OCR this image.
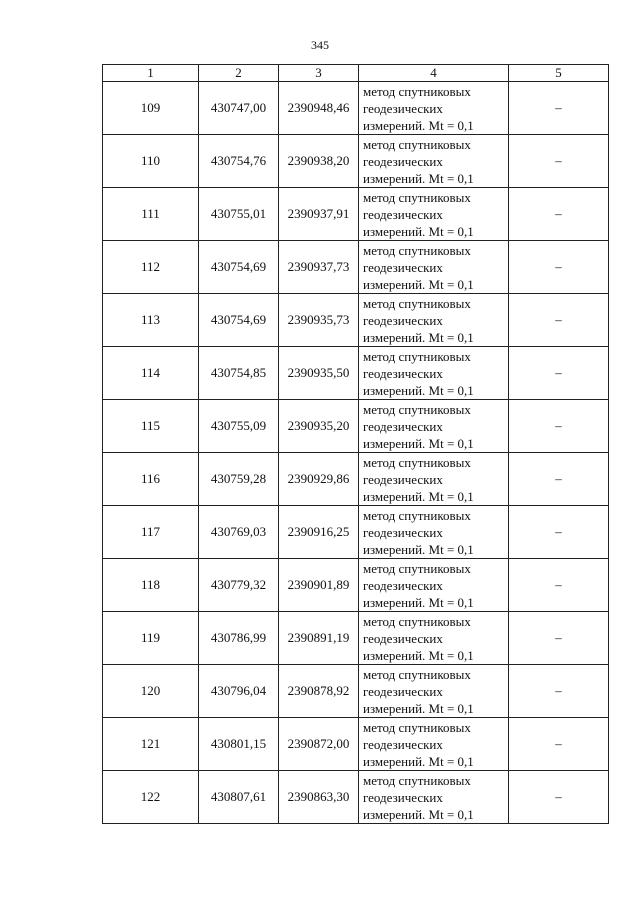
345
1	2	3	4	5
109	430747,00	2390948,46	метод спутниковых
геодезических
измерений. Mt = 0,1	–
110	430754,76	2390938,20	метод спутниковых
геодезических
измерений. Mt = 0,1	–
111	430755,01	2390937,91	метод спутниковых
геодезических
измерений. Mt = 0,1	–
112	430754,69	2390937,73	метод спутниковых
геодезических
измерений. Mt = 0,1	–
113	430754,69	2390935,73	метод спутниковых
геодезических
измерений. Mt = 0,1	–
114	430754,85	2390935,50	метод спутниковых
геодезических
измерений. Mt = 0,1	–
115	430755,09	2390935,20	метод спутниковых
геодезических
измерений. Mt = 0,1	–
116	430759,28	2390929,86	метод спутниковых
геодезических
измерений. Mt = 0,1	–
117	430769,03	2390916,25	метод спутниковых
геодезических
измерений. Mt = 0,1	–
118	430779,32	2390901,89	метод спутниковых
геодезических
измерений. Mt = 0,1	–
119	430786,99	2390891,19	метод спутниковых
геодезических
измерений. Mt = 0,1	–
120	430796,04	2390878,92	метод спутниковых
геодезических
измерений. Mt = 0,1	–
121	430801,15	2390872,00	метод спутниковых
геодезических
измерений. Mt = 0,1	–
122	430807,61	2390863,30	метод спутниковых
геодезических
измерений. Mt = 0,1	–
